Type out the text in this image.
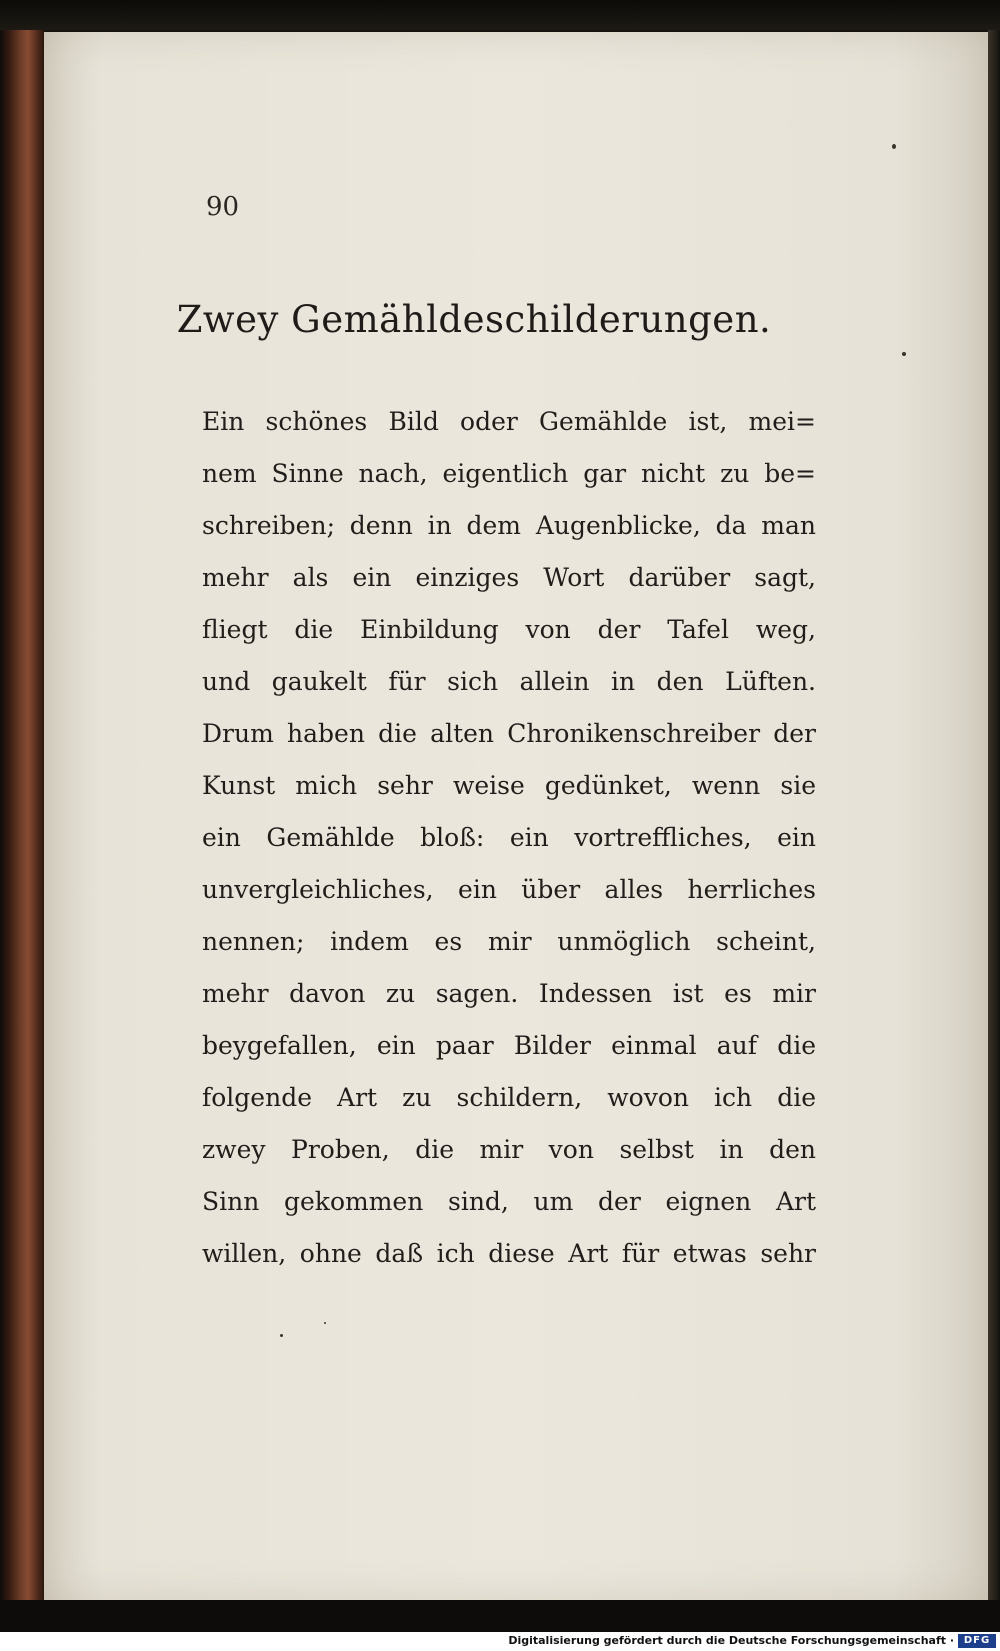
90
Zwey Gemähldeschilderungen.
Ein schönes Bild oder Gemählde ist, mei=
nem Sinne nach, eigentlich gar nicht zu be=
schreiben; denn in dem Augenblicke, da man
mehr als ein einziges Wort darüber sagt,
fliegt die Einbildung von der Tafel weg,
und gaukelt für sich allein in den Lüften.
Drum haben die alten Chronikenschreiber der
Kunst mich sehr weise gedünket, wenn sie
ein Gemählde bloß: ein vortreffliches, ein
unvergleichliches, ein über alles herrliches
nennen; indem es mir unmöglich scheint,
mehr davon zu sagen. Indessen ist es mir
beygefallen, ein paar Bilder einmal auf die
folgende Art zu schildern, wovon ich die
zwey Proben, die mir von selbst in den
Sinn gekommen sind, um der eignen Art
willen, ohne daß ich diese Art für etwas sehr
Digitalisierung gefördert durch die Deutsche Forschungsgemeinschaft · DFG
